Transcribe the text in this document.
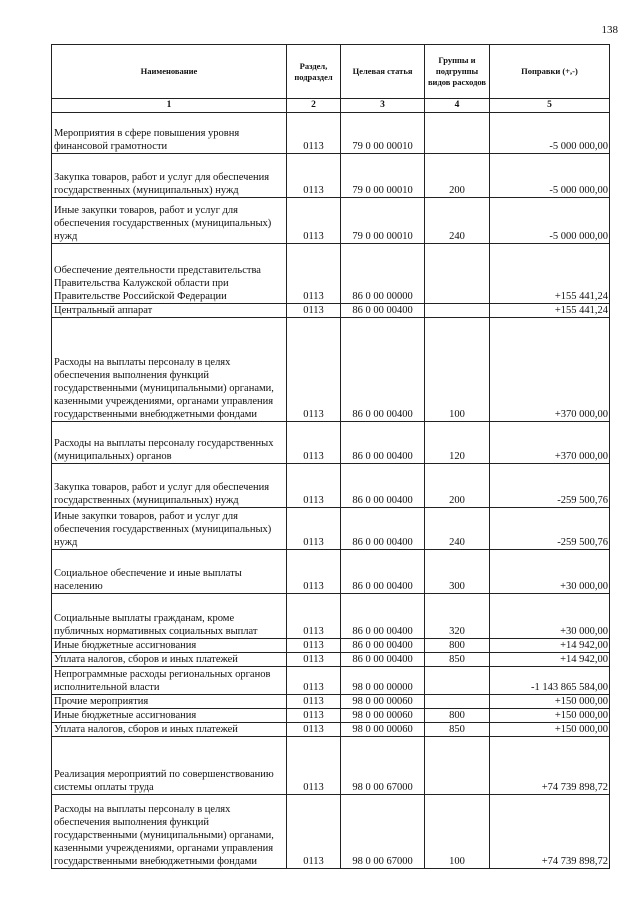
138
Наименование	Раздел, подраздел	Целевая статья	Группы и подгруппы видов расходов	Поправки (+,-)
1	2	3	4	5
Мероприятия в сфере повышения уровня финансовой грамотности	0113	79 0 00 00010		-5 000 000,00
Закупка товаров, работ и услуг для обеспечения государственных (муниципальных) нужд	0113	79 0 00 00010	200	-5 000 000,00
Иные закупки товаров, работ и услуг для обеспечения государственных (муниципальных) нужд	0113	79 0 00 00010	240	-5 000 000,00
Обеспечение деятельности представительства Правительства Калужской области при Правительстве Российской Федерации	0113	86 0 00 00000		+155 441,24
Центральный аппарат	0113	86 0 00 00400		+155 441,24
Расходы на выплаты персоналу в целях обеспечения выполнения функций государственными (муниципальными) органами, казенными учреждениями, органами управления государственными внебюджетными фондами	0113	86 0 00 00400	100	+370 000,00
Расходы на выплаты персоналу государственных (муниципальных) органов	0113	86 0 00 00400	120	+370 000,00
Закупка товаров, работ и услуг для обеспечения государственных (муниципальных) нужд	0113	86 0 00 00400	200	-259 500,76
Иные закупки товаров, работ и услуг для обеспечения государственных (муниципальных) нужд	0113	86 0 00 00400	240	-259 500,76
Социальное обеспечение и иные выплаты населению	0113	86 0 00 00400	300	+30 000,00
Социальные выплаты гражданам, кроме публичных нормативных социальных выплат	0113	86 0 00 00400	320	+30 000,00
Иные бюджетные ассигнования	0113	86 0 00 00400	800	+14 942,00
Уплата налогов, сборов и иных платежей	0113	86 0 00 00400	850	+14 942,00
Непрограммные расходы региональных органов исполнительной власти	0113	98 0 00 00000		-1 143 865 584,00
Прочие мероприятия	0113	98 0 00 00060		+150 000,00
Иные бюджетные ассигнования	0113	98 0 00 00060	800	+150 000,00
Уплата налогов, сборов и иных платежей	0113	98 0 00 00060	850	+150 000,00
Реализация мероприятий по совершенствованию системы оплаты труда	0113	98 0 00 67000		+74 739 898,72
Расходы на выплаты персоналу в целях обеспечения выполнения функций государственными (муниципальными) органами, казенными учреждениями, органами управления государственными внебюджетными фондами	0113	98 0 00 67000	100	+74 739 898,72
